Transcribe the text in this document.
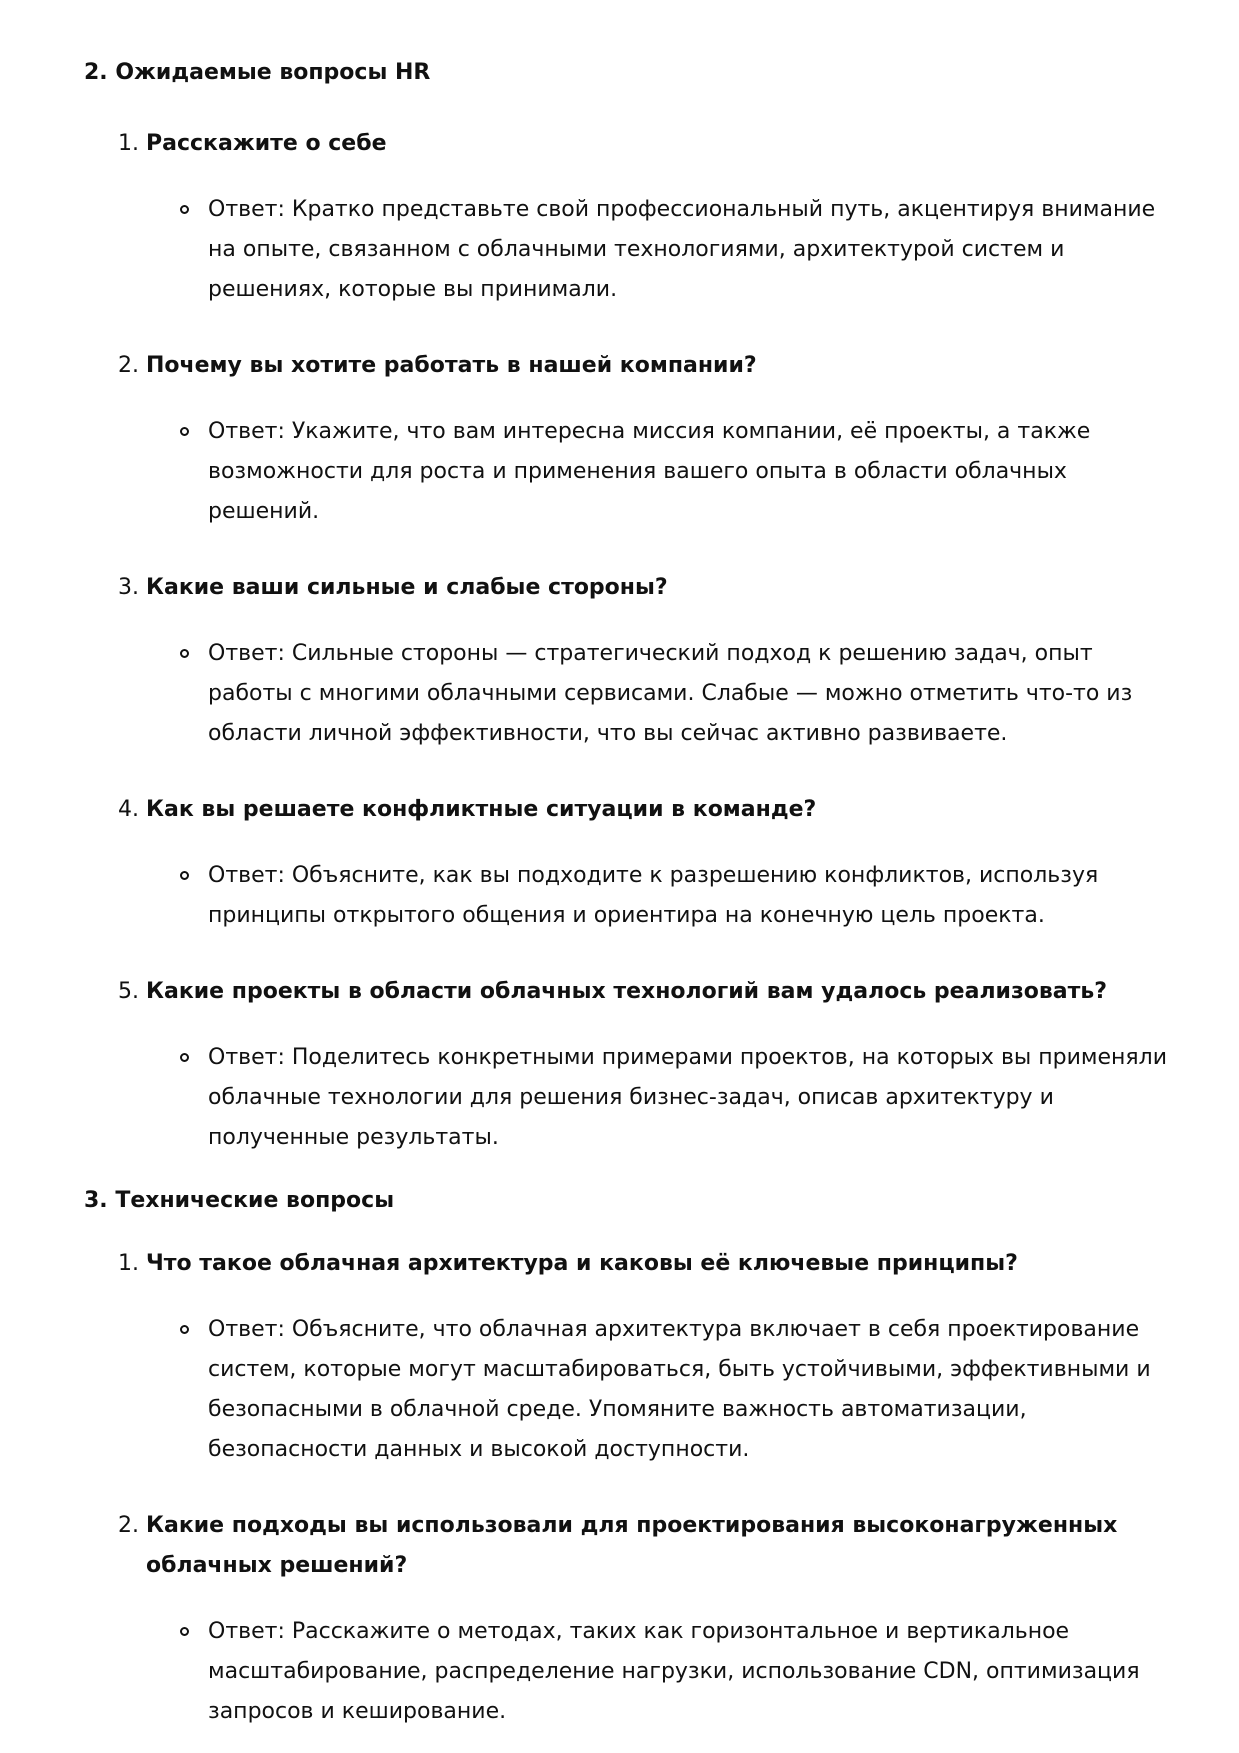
2. Ожидаемые вопросы HR
1. Расскажите о себе

Ответ: Кратко представьте свой профессиональный путь, акцентируя внимание на опыте, связанном с облачными технологиями, архитектурой систем и решениях, которые вы принимали.

2. Почему вы хотите работать в нашей компании?

Ответ: Укажите, что вам интересна миссия компании, её проекты, а также возможности для роста и применения вашего опыта в области облачных решений.

3. Какие ваши сильные и слабые стороны?

Ответ: Сильные стороны — стратегический подход к решению задач, опыт работы с многими облачными сервисами. Слабые — можно отметить что-то из области личной эффективности, что вы сейчас активно развиваете.

4. Как вы решаете конфликтные ситуации в команде?

Ответ: Объясните, как вы подходите к разрешению конфликтов, используя принципы открытого общения и ориентира на конечную цель проекта.

5. Какие проекты в области облачных технологий вам удалось реализовать?

Ответ: Поделитесь конкретными примерами проектов, на которых вы применяли облачные технологии для решения бизнес-задач, описав архитектуру и полученные результаты.

3. Технические вопросы
1. Что такое облачная архитектура и каковы её ключевые принципы?

Ответ: Объясните, что облачная архитектура включает в себя проектирование систем, которые могут масштабироваться, быть устойчивыми, эффективными и безопасными в облачной среде. Упомяните важность автоматизации, безопасности данных и высокой доступности.

2. Какие подходы вы использовали для проектирования высоконагруженных облачных решений?

Ответ: Расскажите о методах, таких как горизонтальное и вертикальное масштабирование, распределение нагрузки, использование CDN, оптимизация запросов и кеширование.
